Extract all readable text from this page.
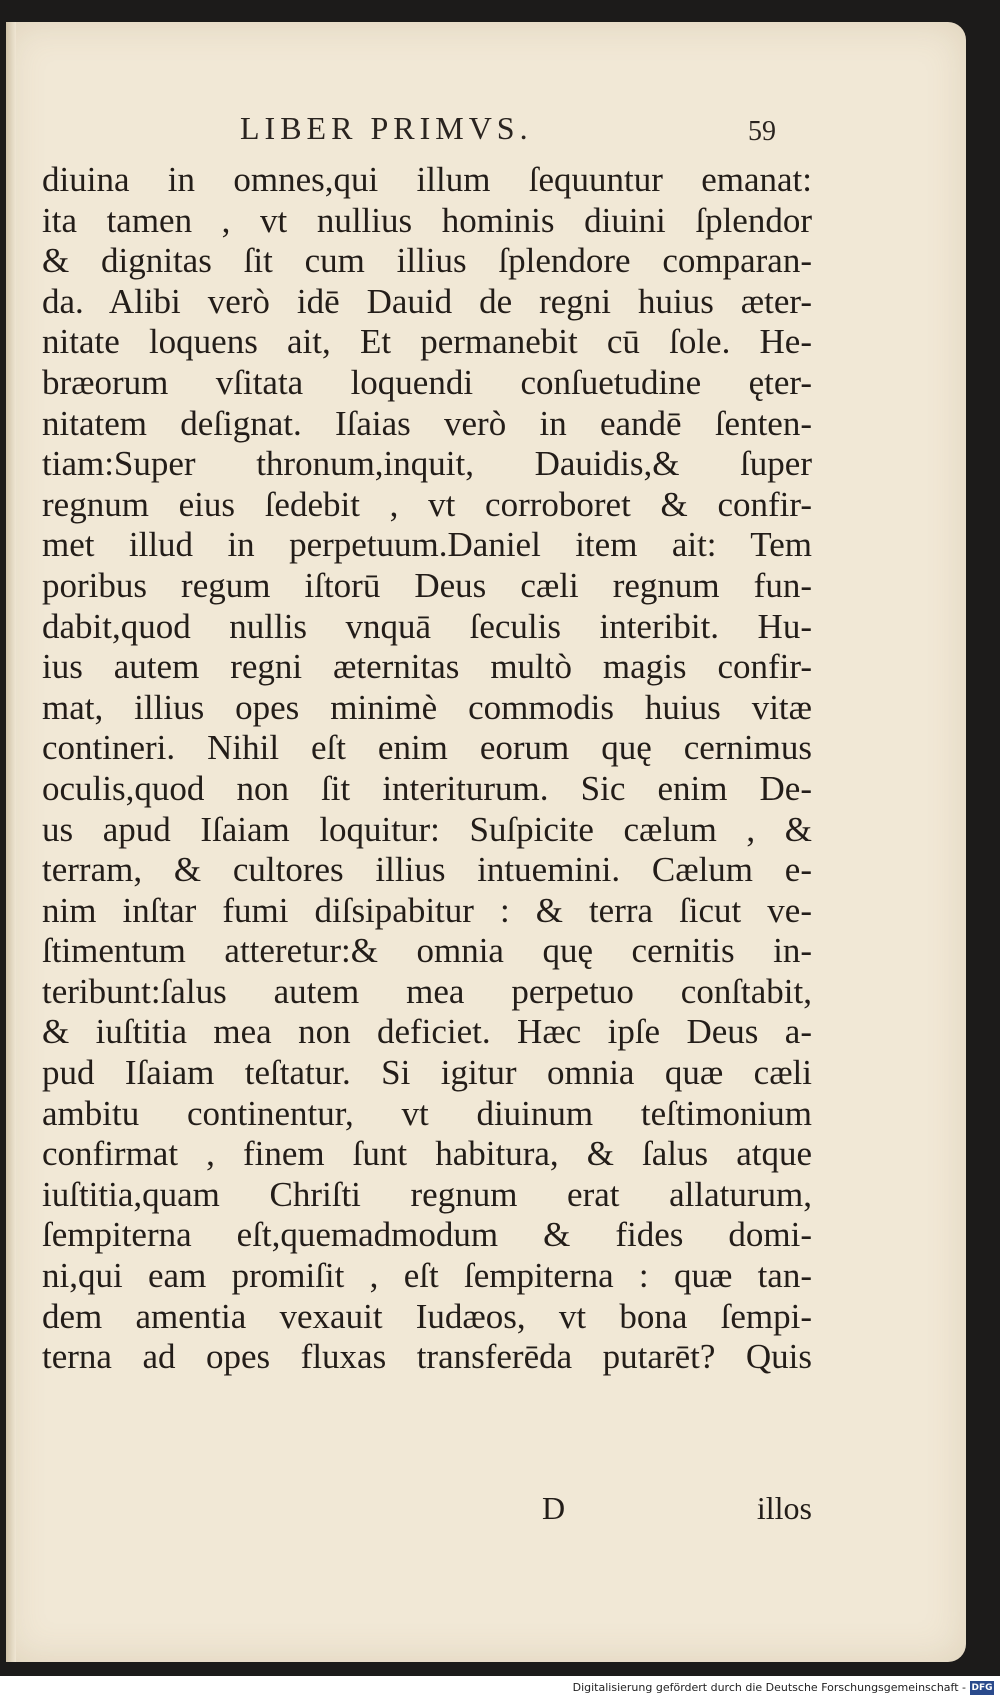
LIBER PRIMVS.	59
diuina in omnes,qui illum ſequuntur emanat:
ita tamen , vt nullius hominis diuini ſplendor
& dignitas ſit cum illius ſplendore comparan-
da. Alibi verò idē Dauid de regni huius æter-
nitate loquens ait, Et permanebit cū ſole. He-
bræorum vſitata loquendi conſuetudine ęter-
nitatem deſignat. Iſaias verò in eandē ſenten-
tiam:Super thronum,inquit, Dauidis,& ſuper
regnum eius ſedebit , vt corroboret & confir-
met illud in perpetuum.Daniel item ait: Tem
poribus regum iſtorū Deus cæli regnum fun-
dabit,quod nullis vnquā ſeculis interibit. Hu-
ius autem regni æternitas multò magis confir-
mat, illius opes minimè commodis huius vitæ
contineri. Nihil eſt enim eorum quę cernimus
oculis,quod non ſit interiturum. Sic enim De-
us apud Iſaiam loquitur: Suſpicite cælum , &
terram, & cultores illius intuemini. Cælum e-
nim inſtar fumi diſsipabitur : & terra ſicut ve-
ſtimentum atteretur:& omnia quę cernitis in-
teribunt:ſalus autem mea perpetuo conſtabit,
& iuſtitia mea non deficiet. Hæc ipſe Deus a-
pud Iſaiam teſtatur. Si igitur omnia quæ cæli
ambitu continentur, vt diuinum teſtimonium
confirmat , finem ſunt habitura, & ſalus atque
iuſtitia,quam Chriſti regnum erat allaturum,
ſempiterna eſt,quemadmodum & fides domi-
ni,qui eam promiſit , eſt ſempiterna : quæ tan-
dem amentia vexauit Iudæos, vt bona ſempi-
terna ad opes fluxas transferēda putarēt? Quis
D	illos
Digitalisierung gefördert durch die Deutsche Forschungsgemeinschaft - DFG
